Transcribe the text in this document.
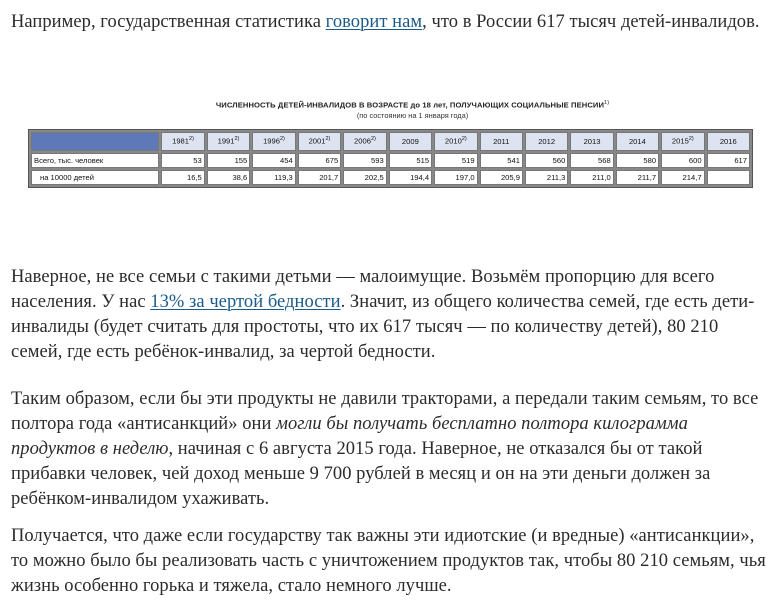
Например, государственная статистика говорит нам, что в России 617 тысяч детей-инвалидов.

ЧИСЛЕННОСТЬ ДЕТЕЙ-ИНВАЛИДОВ В ВОЗРАСТЕ до 18 лет, ПОЛУЧАЮЩИХ СОЦИАЛЬНЫЕ ПЕНСИИ$^{1)}$
(по состоянию на 1 января года)
	1981$^{2)}$	1991$^{2)}$	1996$^{2)}$	2001$^{2)}$	2006$^{2)}$	2009	2010$^{2)}$	2011	2012	2013	2014	2015$^{2)}$	2016
Всего, тыс. человек	53	155	454	675	593	515	519	541	560	568	580	600	617
на 10000 детей	16,5	38,6	119,3	201,7	202,5	194,4	197,0	205,9	211,3	211,0	211,7	214,7	

Наверное, не все семьи с такими детьми — малоимущие. Возьмём пропорцию для всего населения. У нас 13% за чертой бедности. Значит, из общего количества семей, где есть дети-инвалиды (будет считать для простоты, что их 617 тысяч — по количеству детей), 80 210 семей, где есть ребёнок-инвалид, за чертой бедности.

Таким образом, если бы эти продукты не давили тракторами, а передали таким семьям, то все полтора года «антисанкций» они могли бы получать бесплатно полтора килограмма продуктов в неделю, начиная с 6 августа 2015 года. Наверное, не отказался бы от такой прибавки человек, чей доход меньше 9 700 рублей в месяц и он на эти деньги должен за ребёнком-инвалидом ухаживать.

Получается, что даже если государству так важны эти идиотские (и вредные) «антисанкции», то можно было бы реализовать часть с уничтожением продуктов так, чтобы 80 210 семьям, чья жизнь особенно горька и тяжела, стало немного лучше.
